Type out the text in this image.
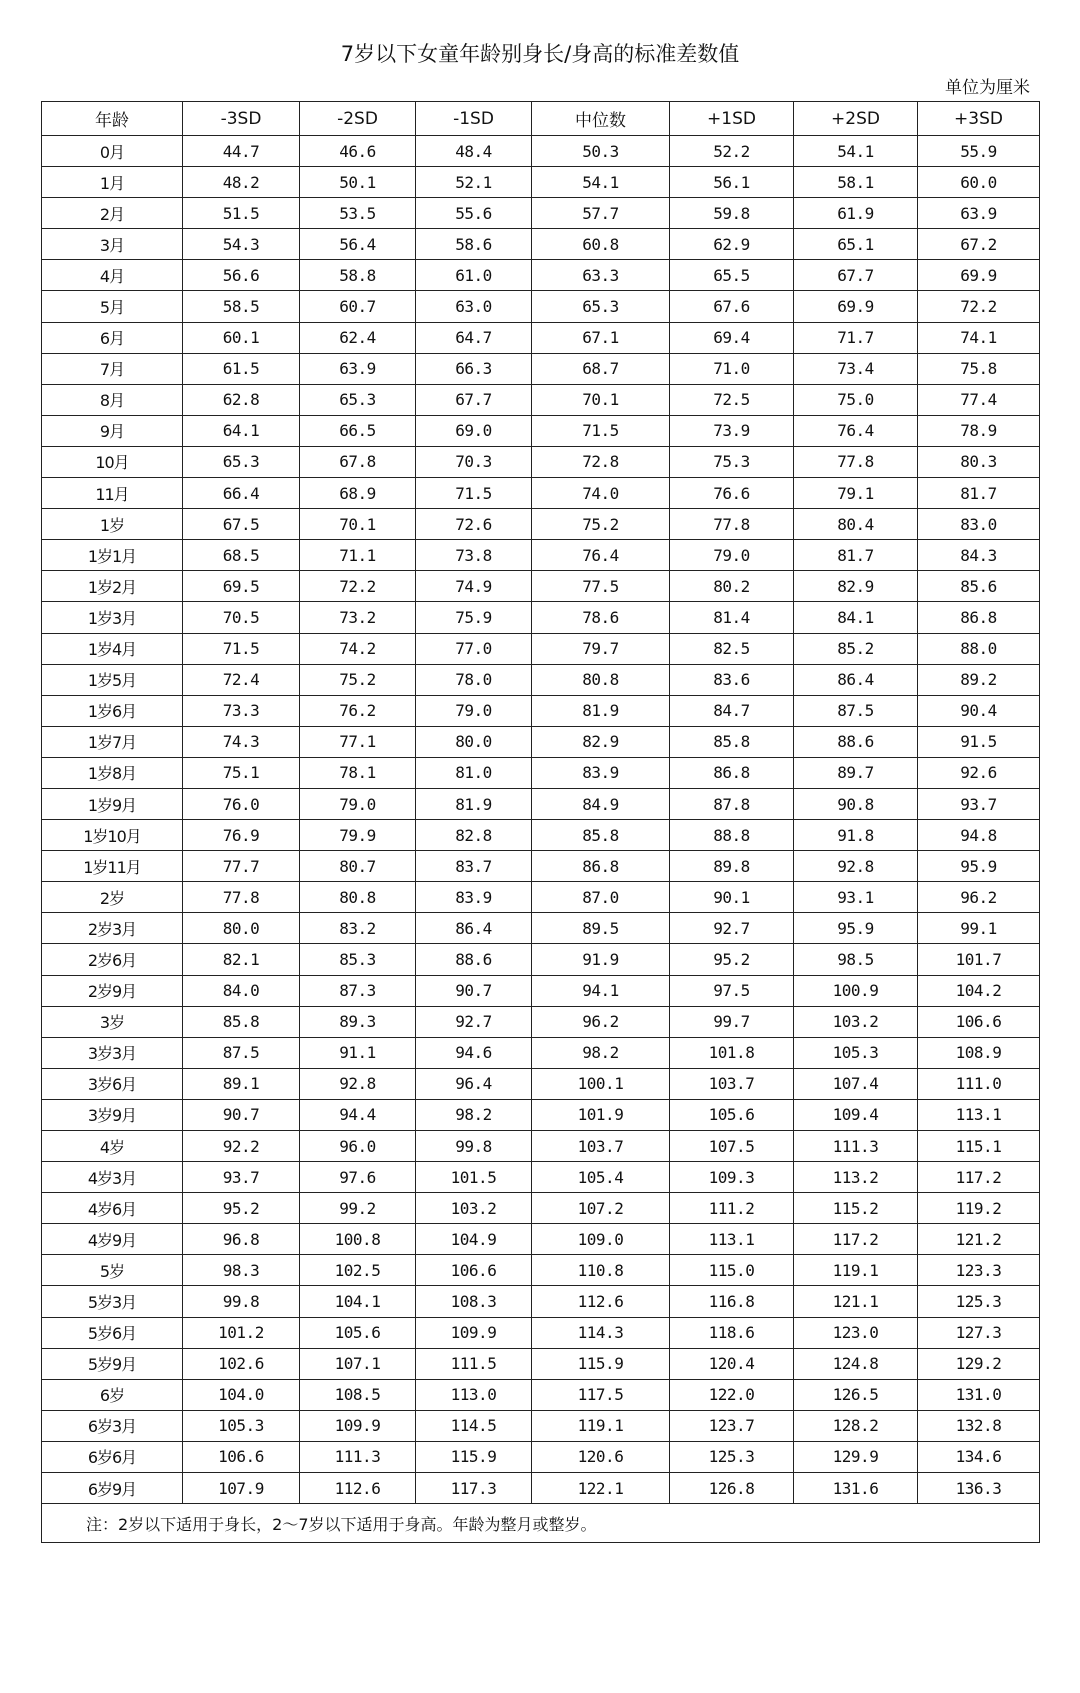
7岁以下女童年龄别身长/身高的标准差数值
单位为厘米
年龄	-3SD	-2SD	-1SD	中位数	+1SD	+2SD	+3SD
0月	44.7	46.6	48.4	50.3	52.2	54.1	55.9
1月	48.2	50.1	52.1	54.1	56.1	58.1	60.0
2月	51.5	53.5	55.6	57.7	59.8	61.9	63.9
3月	54.3	56.4	58.6	60.8	62.9	65.1	67.2
4月	56.6	58.8	61.0	63.3	65.5	67.7	69.9
5月	58.5	60.7	63.0	65.3	67.6	69.9	72.2
6月	60.1	62.4	64.7	67.1	69.4	71.7	74.1
7月	61.5	63.9	66.3	68.7	71.0	73.4	75.8
8月	62.8	65.3	67.7	70.1	72.5	75.0	77.4
9月	64.1	66.5	69.0	71.5	73.9	76.4	78.9
10月	65.3	67.8	70.3	72.8	75.3	77.8	80.3
11月	66.4	68.9	71.5	74.0	76.6	79.1	81.7
1岁	67.5	70.1	72.6	75.2	77.8	80.4	83.0
1岁1月	68.5	71.1	73.8	76.4	79.0	81.7	84.3
1岁2月	69.5	72.2	74.9	77.5	80.2	82.9	85.6
1岁3月	70.5	73.2	75.9	78.6	81.4	84.1	86.8
1岁4月	71.5	74.2	77.0	79.7	82.5	85.2	88.0
1岁5月	72.4	75.2	78.0	80.8	83.6	86.4	89.2
1岁6月	73.3	76.2	79.0	81.9	84.7	87.5	90.4
1岁7月	74.3	77.1	80.0	82.9	85.8	88.6	91.5
1岁8月	75.1	78.1	81.0	83.9	86.8	89.7	92.6
1岁9月	76.0	79.0	81.9	84.9	87.8	90.8	93.7
1岁10月	76.9	79.9	82.8	85.8	88.8	91.8	94.8
1岁11月	77.7	80.7	83.7	86.8	89.8	92.8	95.9
2岁	77.8	80.8	83.9	87.0	90.1	93.1	96.2
2岁3月	80.0	83.2	86.4	89.5	92.7	95.9	99.1
2岁6月	82.1	85.3	88.6	91.9	95.2	98.5	101.7
2岁9月	84.0	87.3	90.7	94.1	97.5	100.9	104.2
3岁	85.8	89.3	92.7	96.2	99.7	103.2	106.6
3岁3月	87.5	91.1	94.6	98.2	101.8	105.3	108.9
3岁6月	89.1	92.8	96.4	100.1	103.7	107.4	111.0
3岁9月	90.7	94.4	98.2	101.9	105.6	109.4	113.1
4岁	92.2	96.0	99.8	103.7	107.5	111.3	115.1
4岁3月	93.7	97.6	101.5	105.4	109.3	113.2	117.2
4岁6月	95.2	99.2	103.2	107.2	111.2	115.2	119.2
4岁9月	96.8	100.8	104.9	109.0	113.1	117.2	121.2
5岁	98.3	102.5	106.6	110.8	115.0	119.1	123.3
5岁3月	99.8	104.1	108.3	112.6	116.8	121.1	125.3
5岁6月	101.2	105.6	109.9	114.3	118.6	123.0	127.3
5岁9月	102.6	107.1	111.5	115.9	120.4	124.8	129.2
6岁	104.0	108.5	113.0	117.5	122.0	126.5	131.0
6岁3月	105.3	109.9	114.5	119.1	123.7	128.2	132.8
6岁6月	106.6	111.3	115.9	120.6	125.3	129.9	134.6
6岁9月	107.9	112.6	117.3	122.1	126.8	131.6	136.3
注：2岁以下适用于身长，2～7岁以下适用于身高。年龄为整月或整岁。							
